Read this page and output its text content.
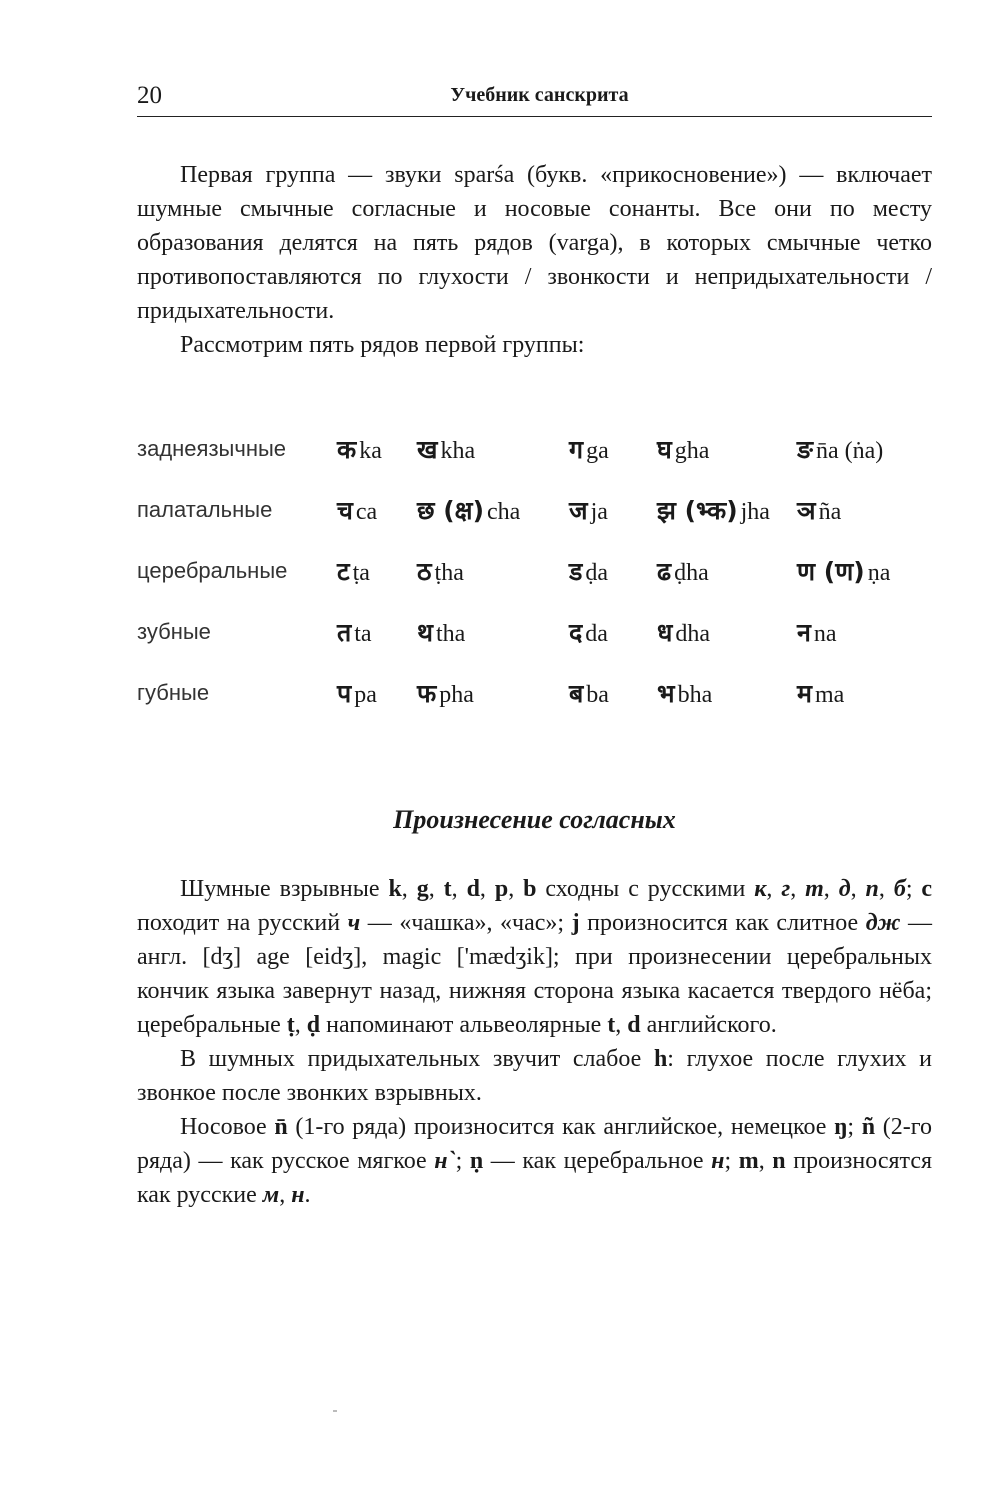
20	Учебник санскрита

Первая группа — звуки sparśa (букв. «прикосновение») — включает шумные смычные согласные и носовые сонанты. Все они по месту образования делятся на пять рядов (varga), в которых смычные четко противопоставляются по глухости / звонкости и непридыхательности / придыхательности.

Рассмотрим пять рядов первой группы:

заднеязычные	क ka	ख kha	ग ga	घ gha	ङ n̄a (ṅa)
палатальные	च ca	छ (क्ष) cha	ज ja	झ (भ्क) jha	ञ ña
церебральные	ट ṭa	ठ ṭha	ड ḍa	ढ ḍha	ण (ण) ṇa
зубные	त ta	थ tha	द da	ध dha	न na
губные	प pa	फ pha	ब ba	भ bha	म ma
Произнесение согласных

Шумные взрывные k, g, t, d, p, b сходны с русскими к, г, т, д, п, б; c походит на русский ч — «чашка», «час»; j произносится как слитное дж — англ. [dʒ] age [eidʒ], magic ['mædʒik]; при произнесении церебральных кончик языка завернут назад, нижняя сторона языка касается твердого нёба; церебральные ṭ, ḍ напоминают альвеолярные t, d английского.

В шумных придыхательных звучит слабое h: глухое после глухих и звонкое после звонких взрывных.

Носовое n̄ (1-го ряда) произносится как английское, немецкое ŋ; ñ (2-го ряда) — как русское мягкое н`; ṇ — как церебральное н; m, n произносятся как русские м, н.
